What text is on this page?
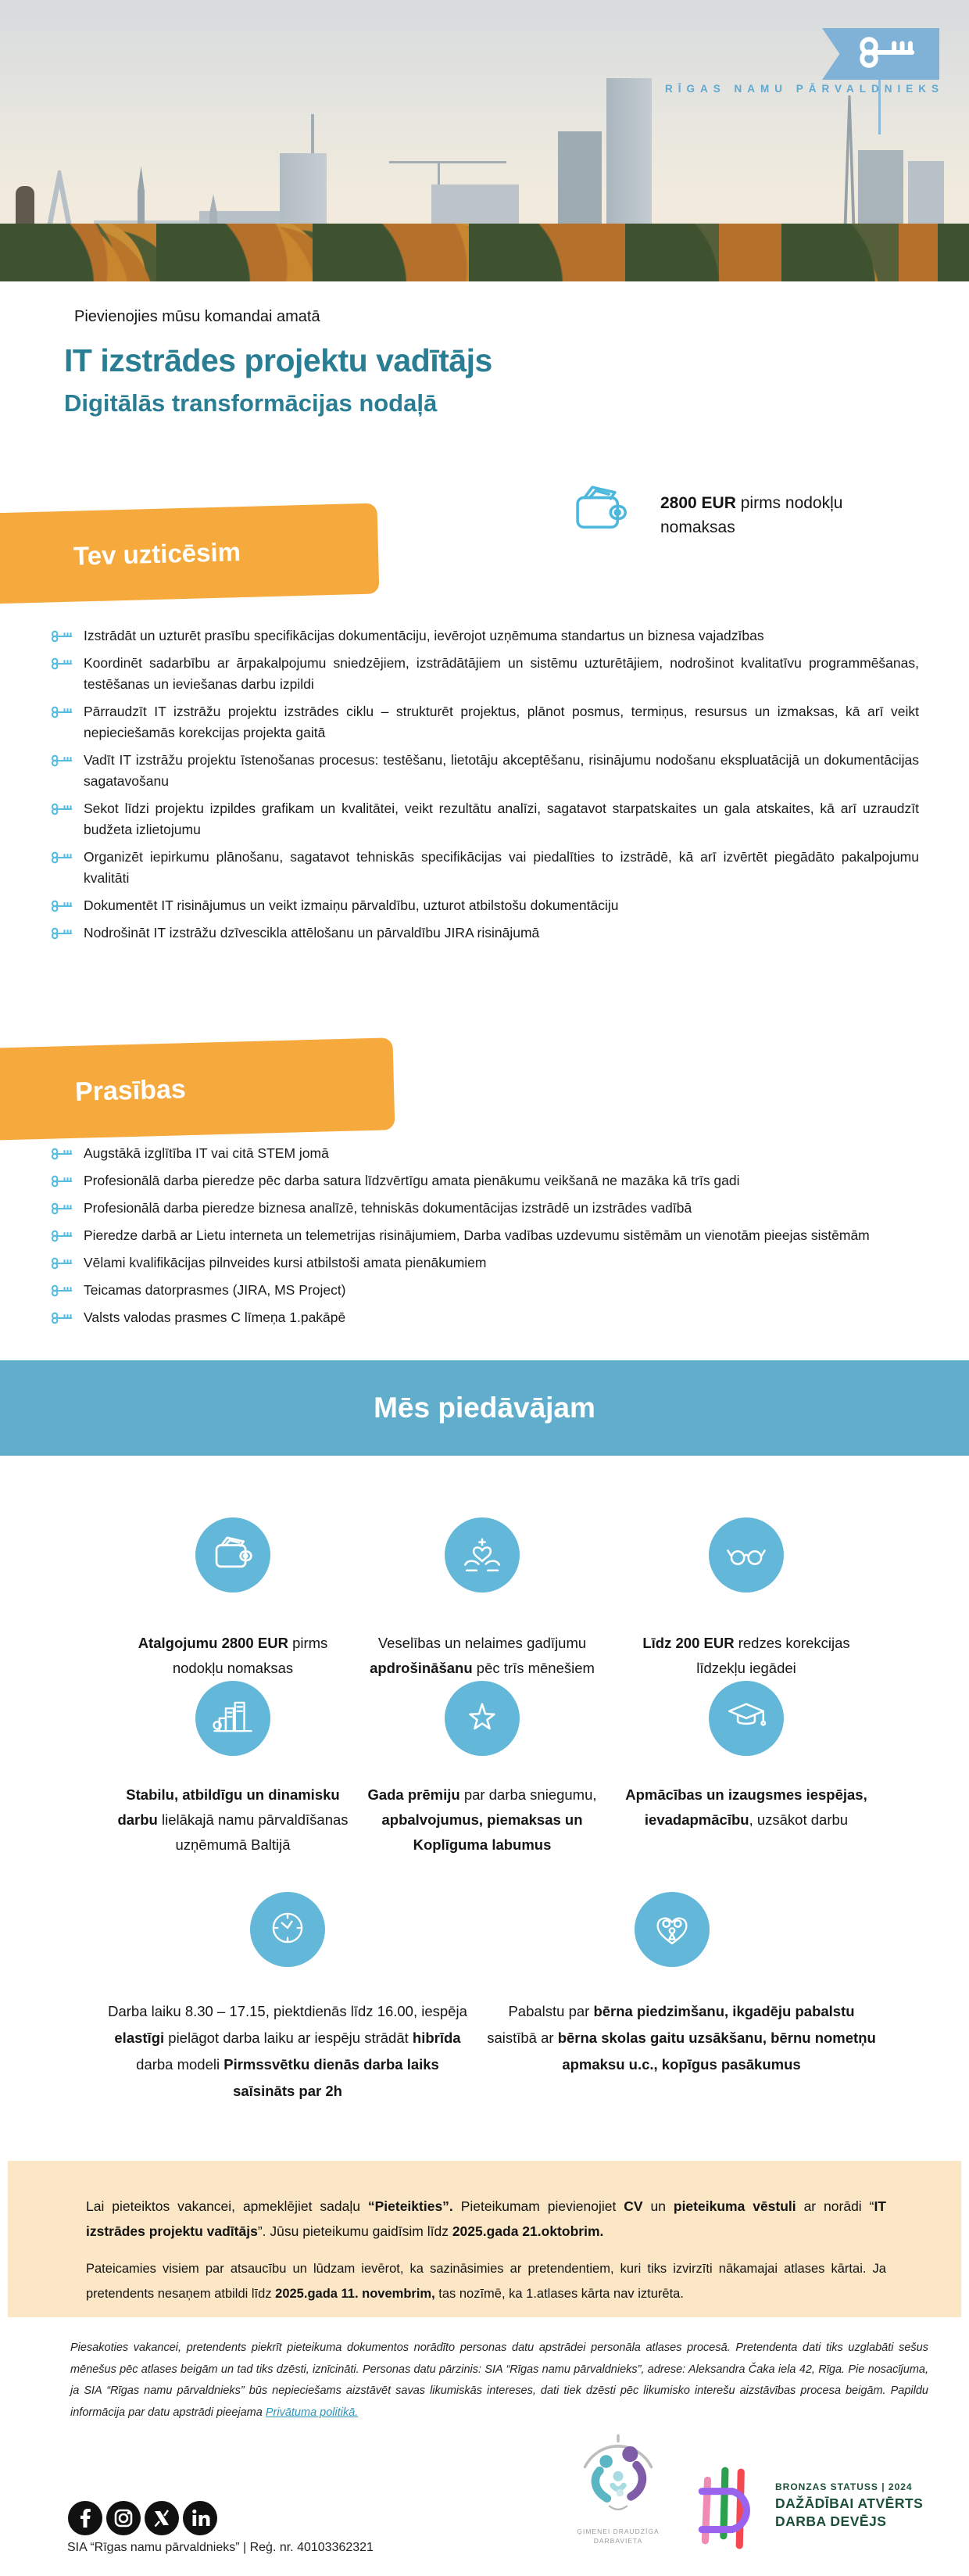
RĪGAS NAMU PĀRVALDNIEKS
Pievienojies mūsu komandai amatā
IT izstrādes projektu vadītājs
Digitālās transformācijas nodaļā
2800 EUR pirms nodokļu nomaksas
Tev uzticēsim
Izstrādāt un uzturēt prasību specifikācijas dokumentāciju, ievērojot uzņēmuma standartus un biznesa vajadzības
Koordinēt sadarbību ar ārpakalpojumu sniedzējiem, izstrādātājiem un sistēmu uzturētājiem, nodrošinot kvalitatīvu programmēšanas, testēšanas un ieviešanas darbu izpildi
Pārraudzīt IT izstrāžu projektu izstrādes ciklu – strukturēt projektus, plānot posmus, termiņus, resursus un izmaksas, kā arī veikt nepieciešamās korekcijas projekta gaitā
Vadīt IT izstrāžu projektu īstenošanas procesus: testēšanu, lietotāju akceptēšanu, risinājumu nodošanu ekspluatācijā un dokumentācijas sagatavošanu
Sekot līdzi projektu izpildes grafikam un kvalitātei, veikt rezultātu analīzi, sagatavot starpatskaites un gala atskaites, kā arī uzraudzīt budžeta izlietojumu
Organizēt iepirkumu plānošanu, sagatavot tehniskās specifikācijas vai piedalīties to izstrādē, kā arī izvērtēt piegādāto pakalpojumu kvalitāti
Dokumentēt IT risinājumus un veikt izmaiņu pārvaldību, uzturot atbilstošu dokumentāciju
Nodrošināt IT izstrāžu dzīvescikla attēlošanu un pārvaldību JIRA risinājumā
Prasības
Augstākā izglītība IT vai citā STEM jomā
Profesionālā darba pieredze pēc darba satura līdzvērtīgu amata pienākumu veikšanā ne mazāka kā trīs gadi
Profesionālā darba pieredze biznesa analīzē, tehniskās dokumentācijas izstrādē un izstrādes vadībā
Pieredze darbā ar Lietu interneta un telemetrijas risinājumiem, Darba vadības uzdevumu sistēmām un vienotām pieejas sistēmām
Vēlami kvalifikācijas pilnveides kursi atbilstoši amata pienākumiem
Teicamas datorprasmes (JIRA, MS Project)
Valsts valodas prasmes C līmeņa 1.pakāpē
Mēs piedāvājam
Atalgojumu 2800 EUR pirms nodokļu nomaksas
Veselības un nelaimes gadījumu apdrošināšanu pēc trīs mēnešiem
Līdz 200 EUR redzes korekcijas līdzekļu iegādei
Stabilu, atbildīgu un dinamisku darbu lielākajā namu pārvaldīšanas uzņēmumā Baltijā
Gada prēmiju par darba sniegumu, apbalvojumus, piemaksas un Koplīguma labumus
Apmācības un izaugsmes iespējas, ievadapmācību, uzsākot darbu
Darba laiku 8.30 – 17.15, piektdienās līdz 16.00, iespēja elastīgi pielāgot darba laiku ar iespēju strādāt hibrīda darba modeli Pirmssvētku dienās darba laiks saīsināts par 2h
Pabalstu par bērna piedzimšanu, ikgadēju pabalstu saistībā ar bērna skolas gaitu uzsākšanu, bērnu nometņu apmaksu u.c., kopīgus pasākumus

Lai pieteiktos vakancei, apmeklējiet sadaļu “Pieteikties”. Pieteikumam pievienojiet CV un pieteikuma vēstuli ar norādi “IT izstrādes projektu vadītājs”. Jūsu pieteikumu gaidīsim līdz 2025.gada 21.oktobrim.

Pateicamies visiem par atsaucību un lūdzam ievērot, ka sazināsimies ar pretendentiem, kuri tiks izvirzīti nākamajai atlases kārtai. Ja pretendents nesaņem atbildi līdz 2025.gada 11. novembrim, tas nozīmē, ka 1.atlases kārta nav izturēta.

Piesakoties vakancei, pretendents piekrīt pieteikuma dokumentos norādīto personas datu apstrādei personāla atlases procesā. Pretendenta dati tiks uzglabāti sešus mēnešus pēc atlases beigām un tad tiks dzēsti, iznīcināti. Personas datu pārzinis: SIA “Rīgas namu pārvaldnieks”, adrese: Aleksandra Čaka iela 42, Rīga. Pie nosacījuma, ja SIA “Rīgas namu pārvaldnieks” būs nepieciešams aizstāvēt savas likumiskās intereses, dati tiek dzēsti pēc likumisko interešu aizstāvības procesa beigām. Papildu informācija par datu apstrādi pieejama Privātuma politikā.

SIA “Rīgas namu pārvaldnieks” | Reģ. nr. 40103362321
ĢIMENEI DRAUDZĪGA
DARBAVIETA
BRONZAS STATUSS | 2024
DAŽĀDĪBAI ATVĒRTS
DARBA DEVĒJS
